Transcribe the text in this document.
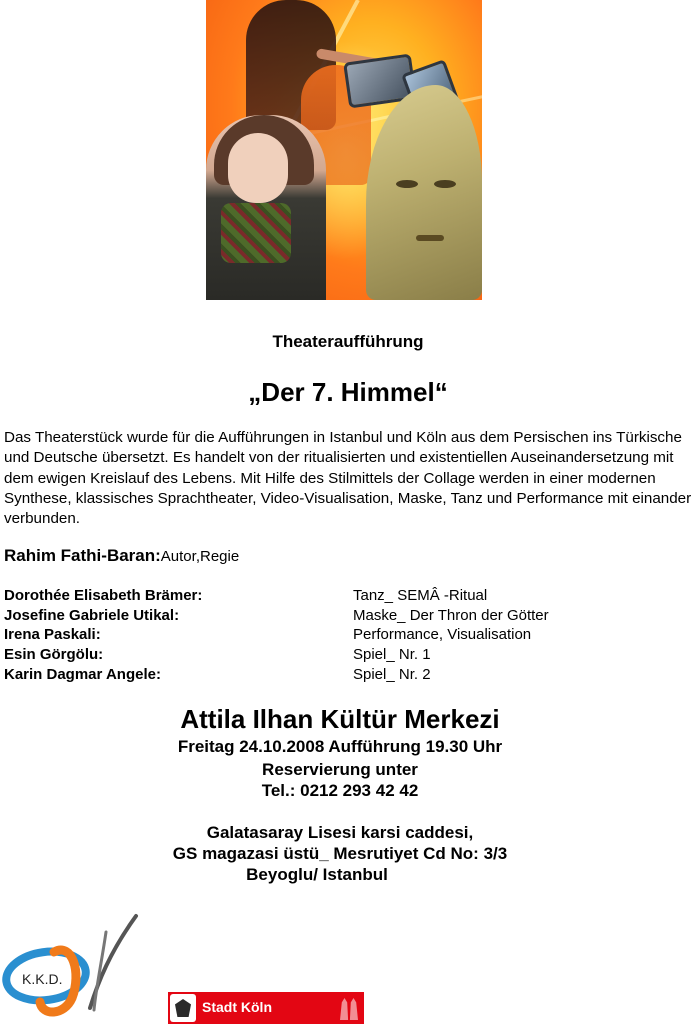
Theateraufführung
„Der 7. Himmel“

Das Theaterstück wurde für die Aufführungen in Istanbul und Köln aus dem Persischen ins Türkische und Deutsche übersetzt. Es handelt von der ritualisierten und existentiellen Auseinandersetzung mit dem ewigen Kreislauf des Lebens. Mit Hilfe des Stilmittels der Collage werden in einer modernen Synthese, klassisches Sprachtheater, Video-Visualisation, Maske, Tanz und Performance mit einander verbunden.

Rahim Fathi-Baran:Autor,Regie
Dorothée Elisabeth Brämer:	Tanz_ SEMÂ -Ritual
Josefine Gabriele Utikal:	Maske_ Der Thron der Götter
Irena Paskali:	Performance, Visualisation
Esin Görgölu:	Spiel_ Nr. 1
Karin Dagmar Angele:	Spiel_ Nr. 2
Attila Ilhan Kültür Merkezi

Freitag 24.10.2008 Aufführung 19.30 Uhr

Reservierung unter

Tel.: 0212 293 42 42

Galatasaray Lisesi karsi caddesi,

GS magazasi üstü_ Mesrutiyet Cd No: 3/3

Beyoglu/ Istanbul

K.K.D.
Stadt Köln
